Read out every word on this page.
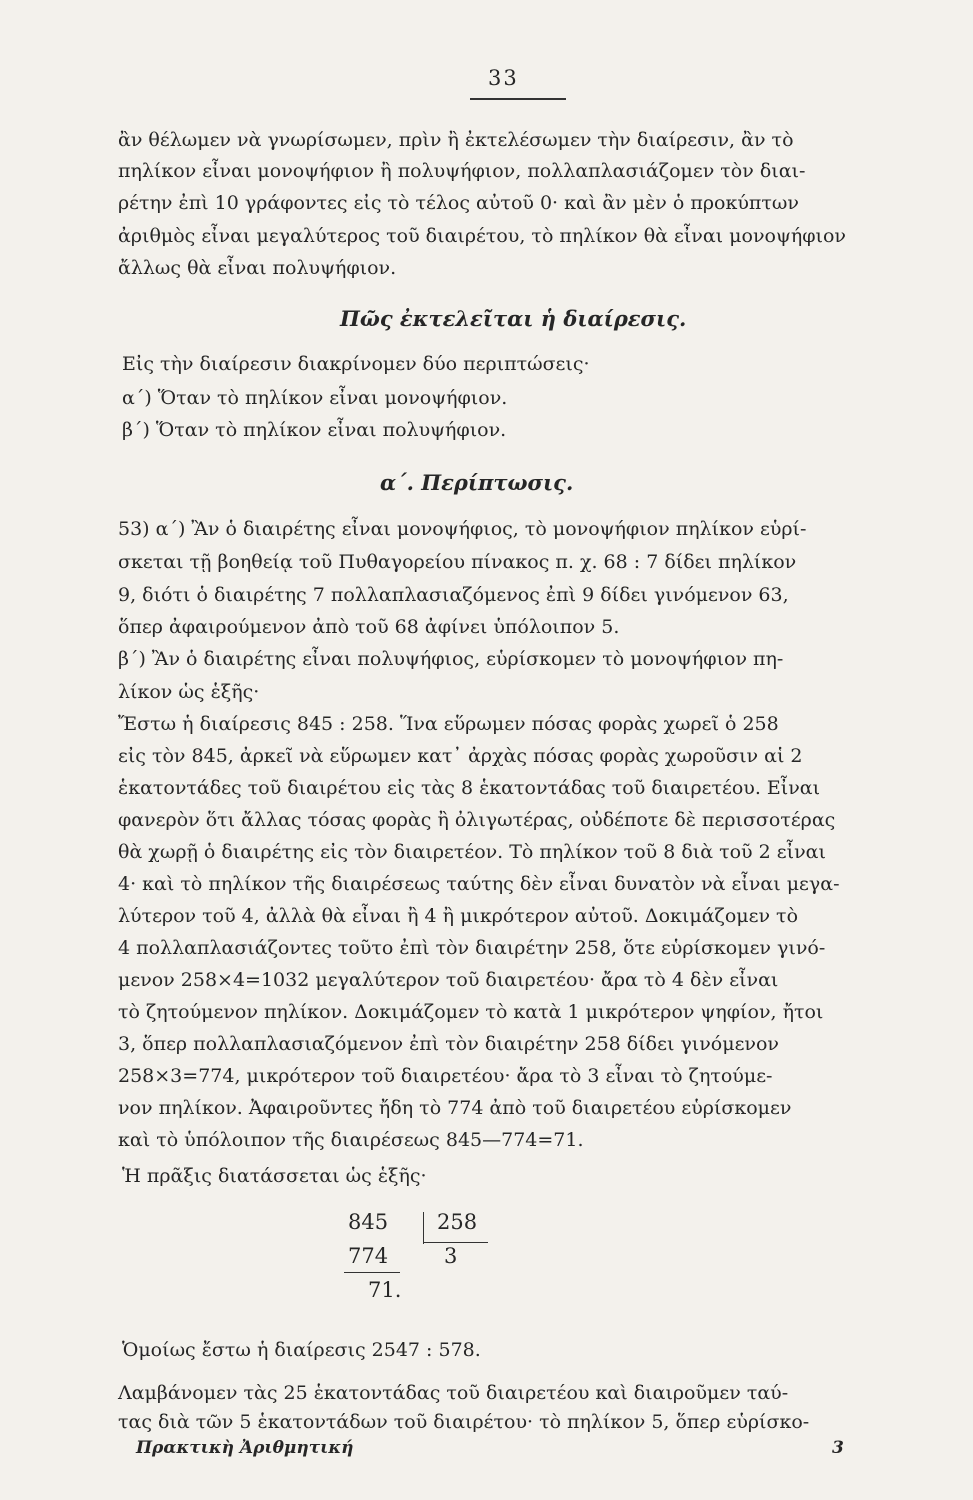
33
ἂν θέλωμεν νὰ γνωρίσωμεν, πρὶν ἢ ἐκτελέσωμεν τὴν διαίρεσιν, ἂν τὸ
πηλίκον εἶναι μονοψήφιον ἢ πολυψήφιον, πολλαπλασιάζομεν τὸν διαι-
ρέτην ἐπὶ 10 γράφοντες εἰς τὸ τέλος αὐτοῦ 0· καὶ ἂν μὲν ὁ προκύπτων
ἀριθμὸς εἶναι μεγαλύτερος τοῦ διαιρέτου, τὸ πηλίκον θὰ εἶναι μονοψήφιον
ἄλλως θὰ εἶναι πολυψήφιον.
Πῶς ἐκτελεῖται ἡ διαίρεσις.
Εἰς τὴν διαίρεσιν διακρίνομεν δύο περιπτώσεις·
α΄) Ὅταν τὸ πηλίκον εἶναι μονοψήφιον.
β΄) Ὅταν τὸ πηλίκον εἶναι πολυψήφιον.
α΄. Περίπτωσις.
53) α΄) Ἂν ὁ διαιρέτης εἶναι μονοψήφιος, τὸ μονοψήφιον πηλίκον εὑρί-
σκεται τῇ βοηθείᾳ τοῦ Πυθαγορείου πίνακος π. χ. 68 : 7 δίδει πηλίκον
9, διότι ὁ διαιρέτης 7 πολλαπλασιαζόμενος ἐπὶ 9 δίδει γινόμενον 63,
ὅπερ ἀφαιρούμενον ἀπὸ τοῦ 68 ἀφίνει ὑπόλοιπον 5.
β΄) Ἂν ὁ διαιρέτης εἶναι πολυψήφιος, εὑρίσκομεν τὸ μονοψήφιον πη-
λίκον ὡς ἑξῆς·
Ἔστω ἡ διαίρεσις 845 : 258. Ἵνα εὕρωμεν πόσας φορὰς χωρεῖ ὁ 258
εἰς τὸν 845, ἀρκεῖ νὰ εὕρωμεν κατ᾽ ἀρχὰς πόσας φορὰς χωροῦσιν αἱ 2
ἑκατοντάδες τοῦ διαιρέτου εἰς τὰς 8 ἑκατοντάδας τοῦ διαιρετέου. Εἶναι
φανερὸν ὅτι ἄλλας τόσας φορὰς ἢ ὀλιγωτέρας, οὐδέποτε δὲ περισσοτέρας
θὰ χωρῇ ὁ διαιρέτης εἰς τὸν διαιρετέον. Τὸ πηλίκον τοῦ 8 διὰ τοῦ 2 εἶναι
4· καὶ τὸ πηλίκον τῆς διαιρέσεως ταύτης δὲν εἶναι δυνατὸν νὰ εἶναι μεγα-
λύτερον τοῦ 4, ἀλλὰ θὰ εἶναι ἢ 4 ἢ μικρότερον αὐτοῦ. Δοκιμάζομεν τὸ
4 πολλαπλασιάζοντες τοῦτο ἐπὶ τὸν διαιρέτην 258, ὅτε εὑρίσκομεν γινό-
μενον 258×4=1032 μεγαλύτερον τοῦ διαιρετέου· ἄρα τὸ 4 δὲν εἶναι
τὸ ζητούμενον πηλίκον. Δοκιμάζομεν τὸ κατὰ 1 μικρότερον ψηφίον, ἤτοι
3, ὅπερ πολλαπλασιαζόμενον ἐπὶ τὸν διαιρέτην 258 δίδει γινόμενον
258×3=774, μικρότερον τοῦ διαιρετέου· ἄρα τὸ 3 εἶναι τὸ ζητούμε-
νον πηλίκον. Ἀφαιροῦντες ἤδη τὸ 774 ἀπὸ τοῦ διαιρετέου εὑρίσκομεν
καὶ τὸ ὑπόλοιπον τῆς διαιρέσεως 845—774=71.
Ἡ πρᾶξις διατάσσεται ὡς ἑξῆς·
845 258
774	3
71.
Ὁμοίως ἔστω ἡ διαίρεσις 2547 : 578.
Λαμβάνομεν τὰς 25 ἑκατοντάδας τοῦ διαιρετέου καὶ διαιροῦμεν ταύ-
τας διὰ τῶν 5 ἑκατοντάδων τοῦ διαιρέτου· τὸ πηλίκον 5, ὅπερ εὑρίσκο-
Πρακτικὴ Ἀριθμητική	3
